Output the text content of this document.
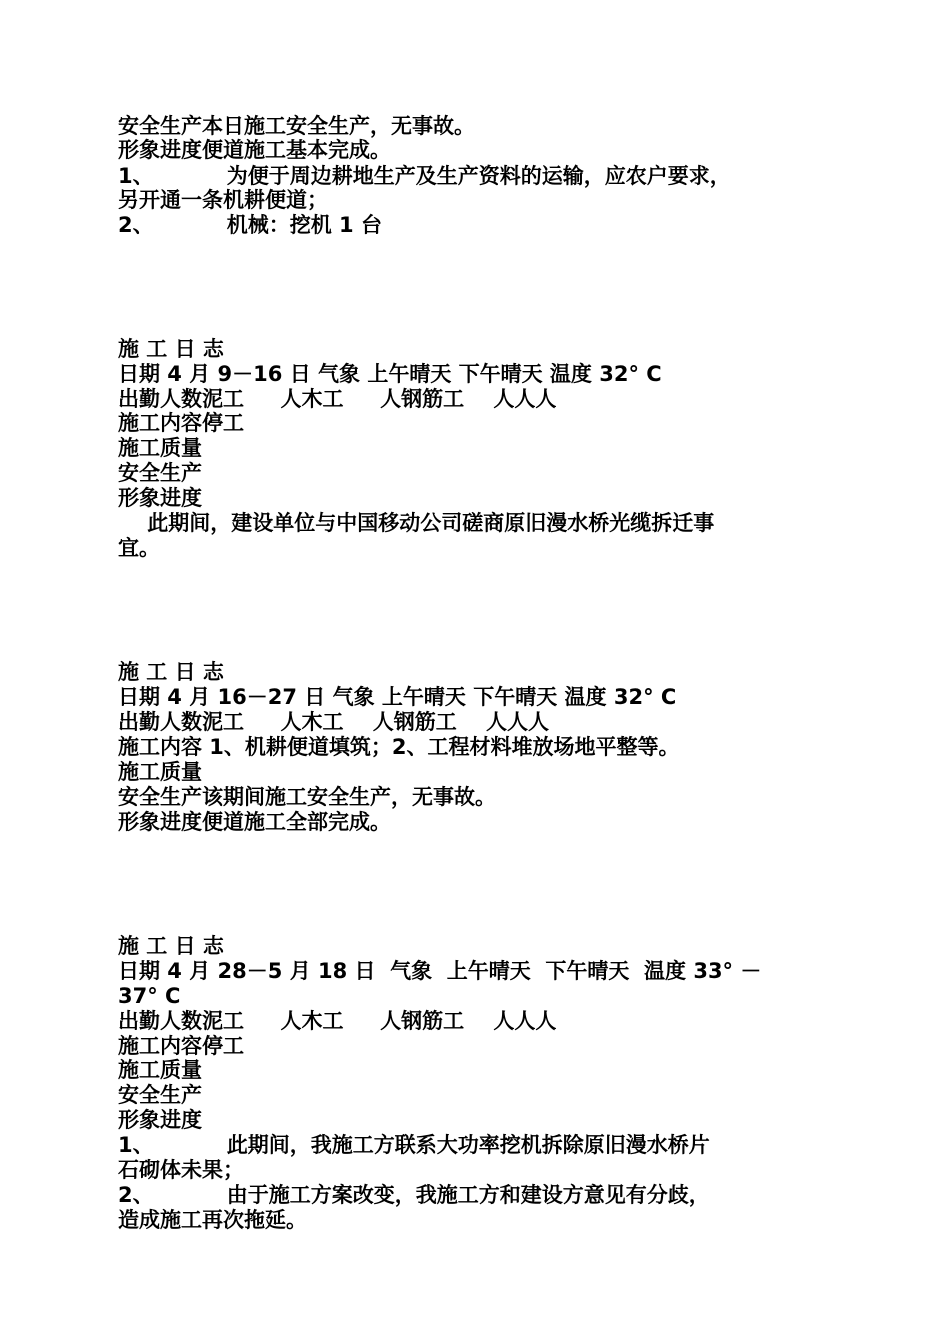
安全生产本日施工安全生产，无事故。
形象进度便道施工基本完成。
1、          为便于周边耕地生产及生产资料的运输，应农户要求，
另开通一条机耕便道；
2、          机械：挖机 1 台
施 工 日 志
日期 4 月 9－16 日 气象 上午晴天 下午晴天 温度 32° C
出勤人数泥工     人木工     人钢筋工    人人人
施工内容停工
施工质量
安全生产
形象进度
此期间，建设单位与中国移动公司磋商原旧漫水桥光缆拆迁事
宜。
施 工 日 志
日期 4 月 16－27 日 气象 上午晴天 下午晴天 温度 32° C
出勤人数泥工     人木工    人钢筋工    人人人
施工内容 1、机耕便道填筑；2、工程材料堆放场地平整等。
施工质量
安全生产该期间施工安全生产，无事故。
形象进度便道施工全部完成。
施 工 日 志
日期 4 月 28－5 月 18 日  气象  上午晴天  下午晴天  温度 33° －
37° C
出勤人数泥工     人木工     人钢筋工    人人人
施工内容停工
施工质量
安全生产
形象进度
1、          此期间，我施工方联系大功率挖机拆除原旧漫水桥片
石砌体未果；
2、          由于施工方案改变，我施工方和建设方意见有分歧，
造成施工再次拖延。
